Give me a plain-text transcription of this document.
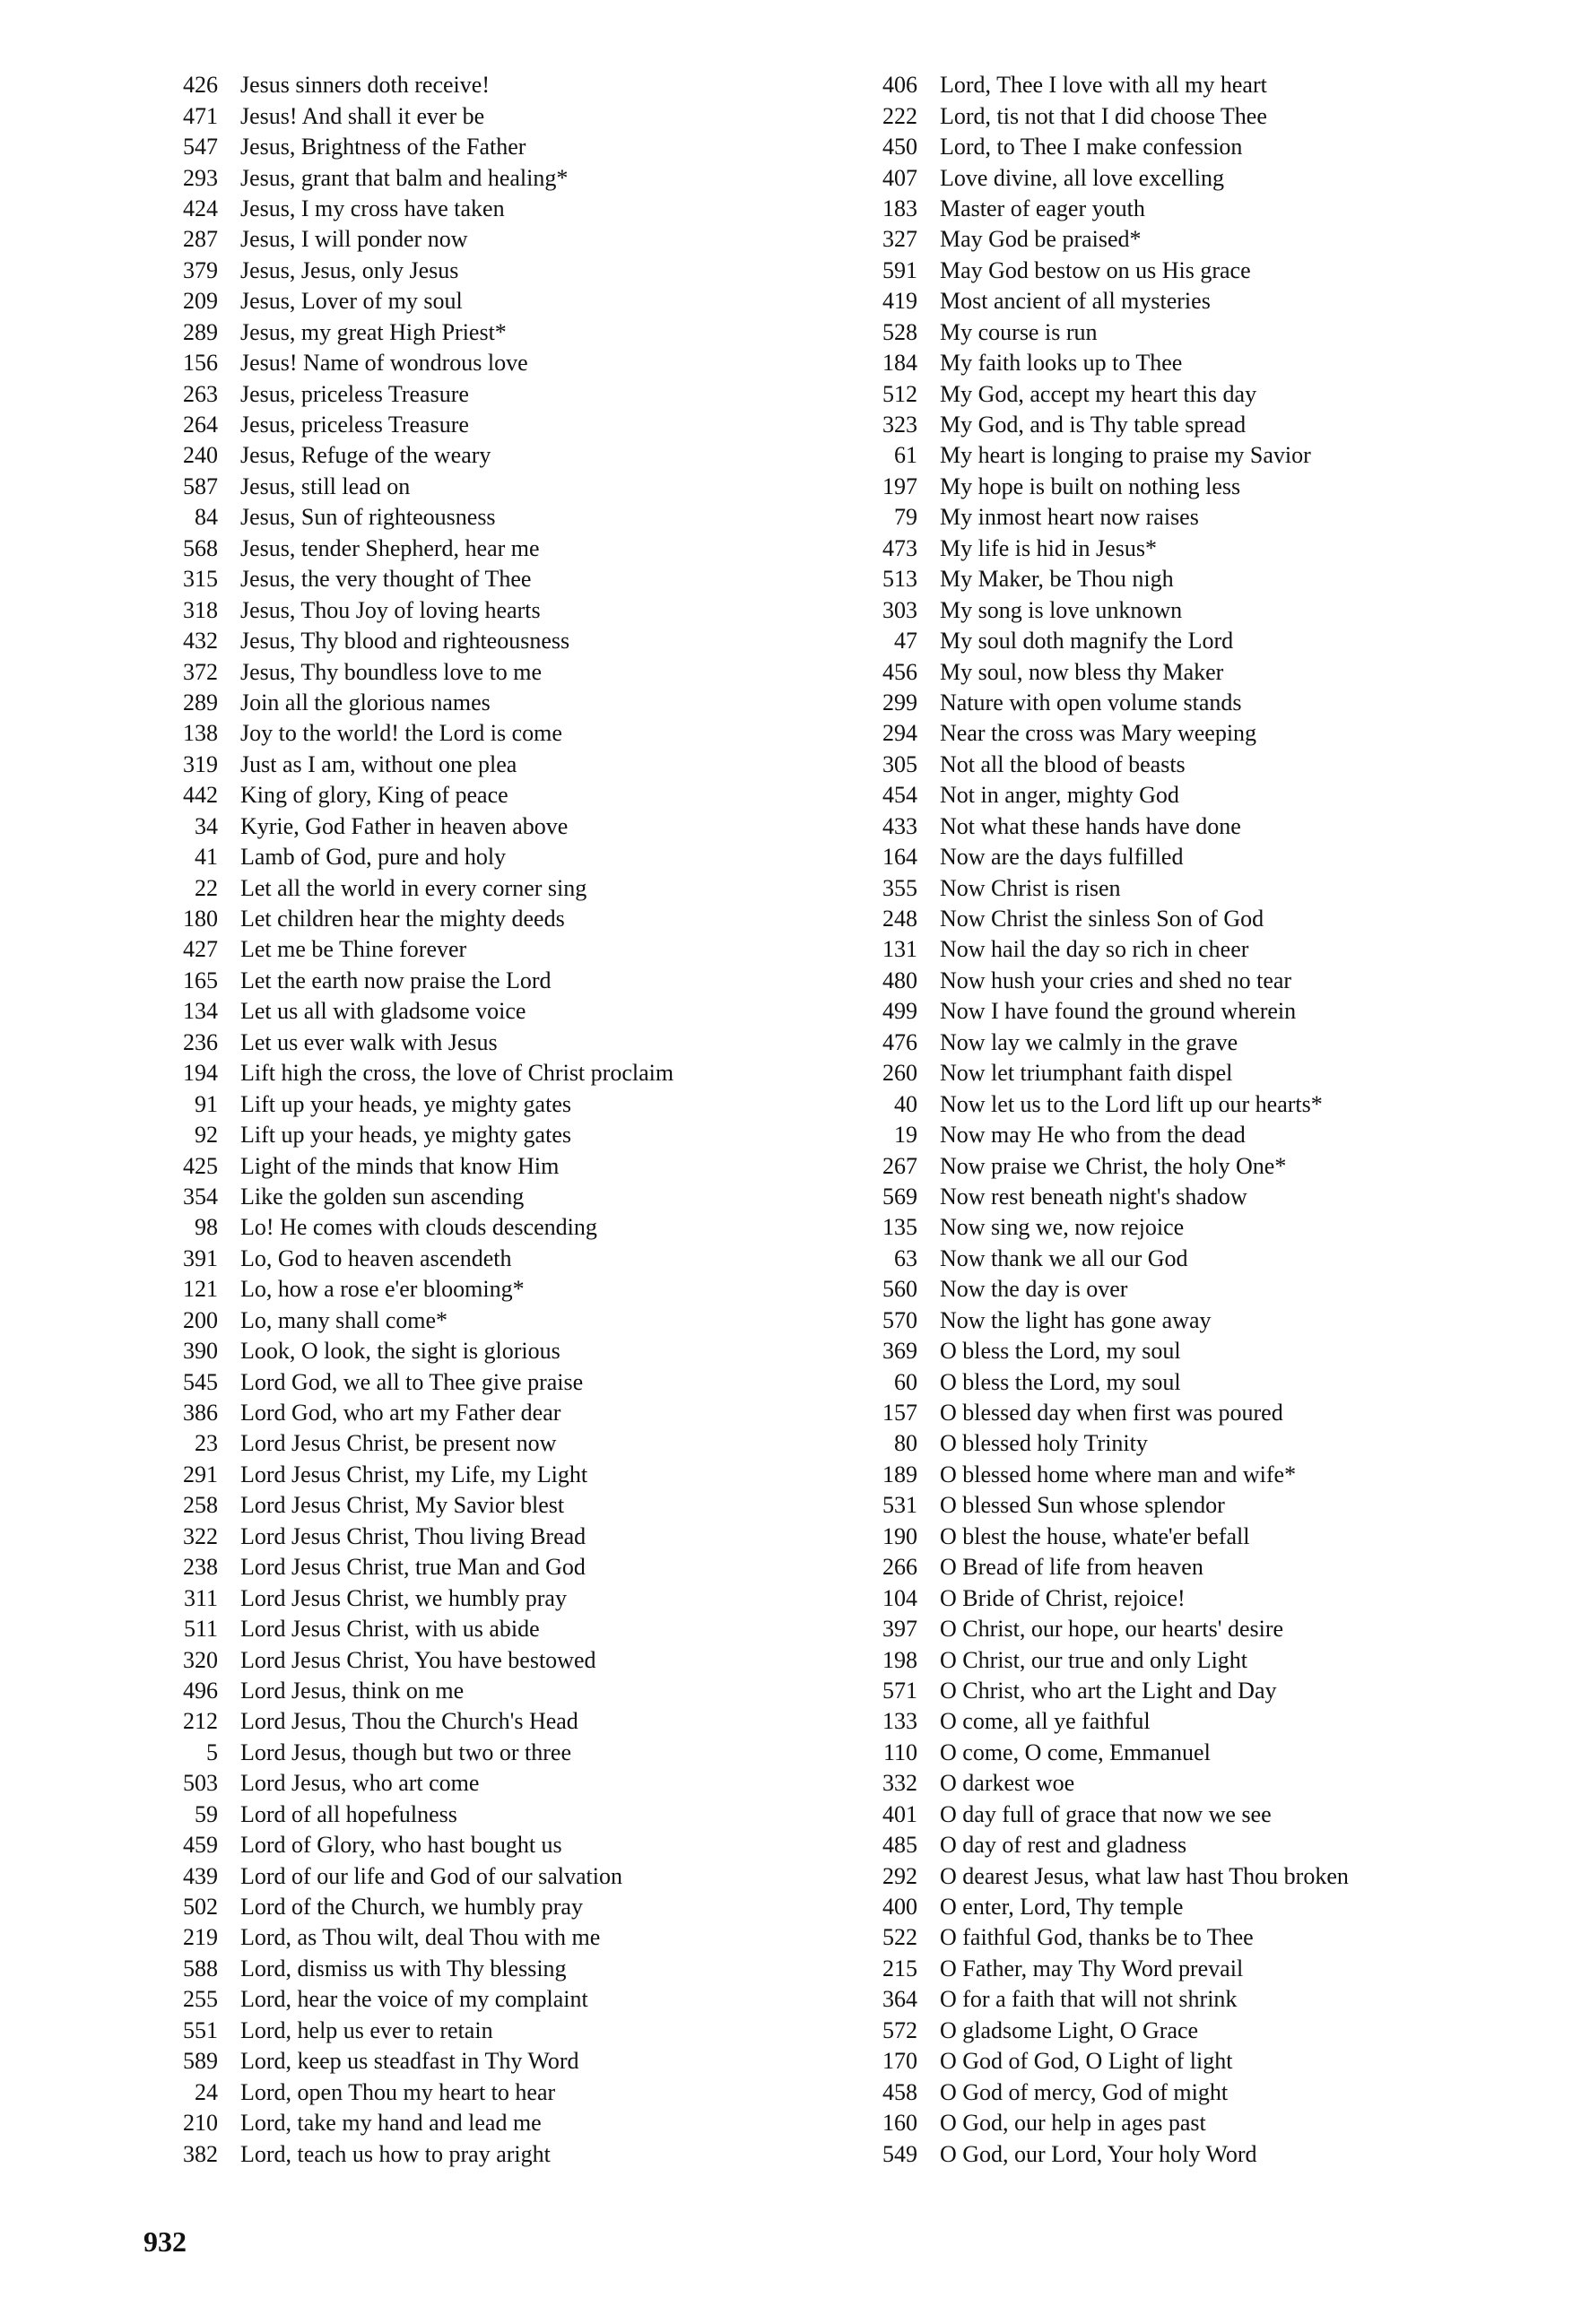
426 Jesus sinners doth receive!
471 Jesus! And shall it ever be
547 Jesus, Brightness of the Father
293 Jesus, grant that balm and healing*
424 Jesus, I my cross have taken
287 Jesus, I will ponder now
379 Jesus, Jesus, only Jesus
209 Jesus, Lover of my soul
289 Jesus, my great High Priest*
156 Jesus! Name of wondrous love
263 Jesus, priceless Treasure
264 Jesus, priceless Treasure
240 Jesus, Refuge of the weary
587 Jesus, still lead on
84 Jesus, Sun of righteousness
568 Jesus, tender Shepherd, hear me
315 Jesus, the very thought of Thee
318 Jesus, Thou Joy of loving hearts
432 Jesus, Thy blood and righteousness
372 Jesus, Thy boundless love to me
289 Join all the glorious names
138 Joy to the world! the Lord is come
319 Just as I am, without one plea
442 King of glory, King of peace
34 Kyrie, God Father in heaven above
41 Lamb of God, pure and holy
22 Let all the world in every corner sing
180 Let children hear the mighty deeds
427 Let me be Thine forever
165 Let the earth now praise the Lord
134 Let us all with gladsome voice
236 Let us ever walk with Jesus
194 Lift high the cross, the love of Christ proclaim
91 Lift up your heads, ye mighty gates
92 Lift up your heads, ye mighty gates
425 Light of the minds that know Him
354 Like the golden sun ascending
98 Lo! He comes with clouds descending
391 Lo, God to heaven ascendeth
121 Lo, how a rose e'er blooming*
200 Lo, many shall come*
390 Look, O look, the sight is glorious
545 Lord God, we all to Thee give praise
386 Lord God, who art my Father dear
23 Lord Jesus Christ, be present now
291 Lord Jesus Christ, my Life, my Light
258 Lord Jesus Christ, My Savior blest
322 Lord Jesus Christ, Thou living Bread
238 Lord Jesus Christ, true Man and God
311 Lord Jesus Christ, we humbly pray
511 Lord Jesus Christ, with us abide
320 Lord Jesus Christ, You have bestowed
496 Lord Jesus, think on me
212 Lord Jesus, Thou the Church's Head
5 Lord Jesus, though but two or three
503 Lord Jesus, who art come
59 Lord of all hopefulness
459 Lord of Glory, who hast bought us
439 Lord of our life and God of our salvation
502 Lord of the Church, we humbly pray
219 Lord, as Thou wilt, deal Thou with me
588 Lord, dismiss us with Thy blessing
255 Lord, hear the voice of my complaint
551 Lord, help us ever to retain
589 Lord, keep us steadfast in Thy Word
24 Lord, open Thou my heart to hear
210 Lord, take my hand and lead me
382 Lord, teach us how to pray aright
406 Lord, Thee I love with all my heart
222 Lord, tis not that I did choose Thee
450 Lord, to Thee I make confession
407 Love divine, all love excelling
183 Master of eager youth
327 May God be praised*
591 May God bestow on us His grace
419 Most ancient of all mysteries
528 My course is run
184 My faith looks up to Thee
512 My God, accept my heart this day
323 My God, and is Thy table spread
61 My heart is longing to praise my Savior
197 My hope is built on nothing less
79 My inmost heart now raises
473 My life is hid in Jesus*
513 My Maker, be Thou nigh
303 My song is love unknown
47 My soul doth magnify the Lord
456 My soul, now bless thy Maker
299 Nature with open volume stands
294 Near the cross was Mary weeping
305 Not all the blood of beasts
454 Not in anger, mighty God
433 Not what these hands have done
164 Now are the days fulfilled
355 Now Christ is risen
248 Now Christ the sinless Son of God
131 Now hail the day so rich in cheer
480 Now hush your cries and shed no tear
499 Now I have found the ground wherein
476 Now lay we calmly in the grave
260 Now let triumphant faith dispel
40 Now let us to the Lord lift up our hearts*
19 Now may He who from the dead
267 Now praise we Christ, the holy One*
569 Now rest beneath night's shadow
135 Now sing we, now rejoice
63 Now thank we all our God
560 Now the day is over
570 Now the light has gone away
369 O bless the Lord, my soul
60 O bless the Lord, my soul
157 O blessed day when first was poured
80 O blessed holy Trinity
189 O blessed home where man and wife*
531 O blessed Sun whose splendor
190 O blest the house, whate'er befall
266 O Bread of life from heaven
104 O Bride of Christ, rejoice!
397 O Christ, our hope, our hearts' desire
198 O Christ, our true and only Light
571 O Christ, who art the Light and Day
133 O come, all ye faithful
110 O come, O come, Emmanuel
332 O darkest woe
401 O day full of grace that now we see
485 O day of rest and gladness
292 O dearest Jesus, what law hast Thou broken
400 O enter, Lord, Thy temple
522 O faithful God, thanks be to Thee
215 O Father, may Thy Word prevail
364 O for a faith that will not shrink
572 O gladsome Light, O Grace
170 O God of God, O Light of light
458 O God of mercy, God of might
160 O God, our help in ages past
549 O God, our Lord, Your holy Word
932
